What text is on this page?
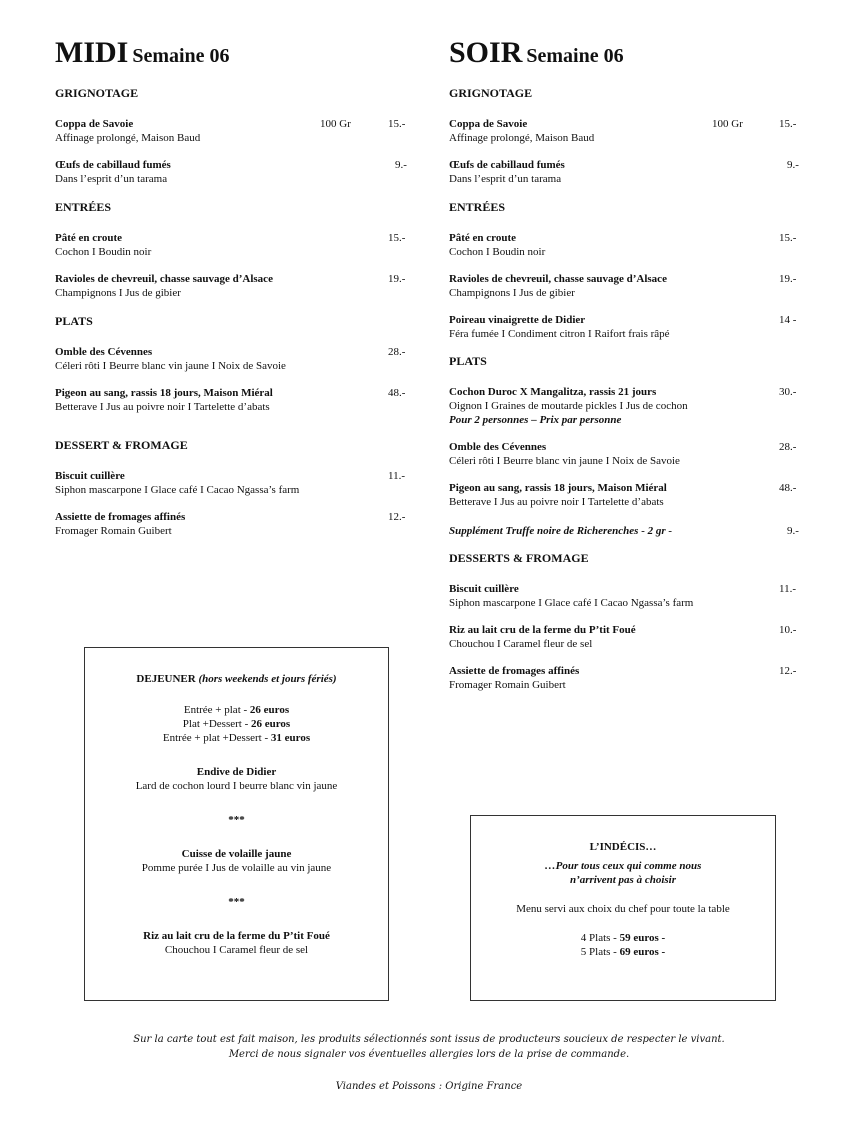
MIDI Semaine 06
GRIGNOTAGE
Coppa de Savoie
Affinage prolongé, Maison Baud
100 Gr	15.-
Œufs de cabillaud fumés
Dans l’esprit d’un tarama
9.-
ENTRÉES
Pâté en croute
Cochon I Boudin noir
15.-
Ravioles de chevreuil, chasse sauvage d’Alsace
Champignons I Jus de gibier
19.-
PLATS
Omble des Cévennes
Céleri rôti I Beurre blanc vin jaune I Noix de Savoie
28.-
Pigeon au sang, rassis 18 jours, Maison Miéral
Betterave I Jus au poivre noir I Tartelette d’abats
48.-
DESSERT & FROMAGE
Biscuit cuillère
Siphon mascarpone I Glace café I Cacao Ngassa’s farm
11.-
Assiette de fromages affinés
Fromager Romain Guibert
12.-
SOIR Semaine 06
GRIGNOTAGE
Coppa de Savoie
Affinage prolongé, Maison Baud
100 Gr	15.-
Œufs de cabillaud fumés
Dans l’esprit d’un tarama
9.-
ENTRÉES
Pâté en croute
Cochon I Boudin noir
15.-
Ravioles de chevreuil, chasse sauvage d’Alsace
Champignons I Jus de gibier
19.-
Poireau vinaigrette de Didier
Féra fumée I Condiment citron I Raifort frais râpé
14 -
PLATS
Cochon Duroc X Mangalitza, rassis 21 jours
Oignon I Graines de moutarde pickles I Jus de cochon
Pour 2 personnes – Prix par personne
30.-
Omble des Cévennes
Céleri rôti I Beurre blanc vin jaune I Noix de Savoie
28.-
Pigeon au sang, rassis 18 jours, Maison Miéral
Betterave I Jus au poivre noir I Tartelette d’abats
48.-
Supplément Truffe noire de Richerenches - 2 gr -	9.-
DESSERTS & FROMAGE
Biscuit cuillère
Siphon mascarpone I Glace café I Cacao Ngassa’s farm
11.-
Riz au lait cru de la ferme du P’tit Foué
Chouchou I Caramel fleur de sel
10.-
Assiette de fromages affinés
Fromager Romain Guibert
12.-
DEJEUNER (hors weekends et jours fériés)
Entrée + plat - 26 euros
Plat +Dessert - 26 euros
Entrée + plat +Dessert - 31 euros
Endive de Didier
Lard de cochon lourd I beurre blanc vin jaune
***
Cuisse de volaille jaune
Pomme purée I Jus de volaille au vin jaune
***
Riz au lait cru de la ferme du P’tit Foué
Chouchou I Caramel fleur de sel
L’INDÉCIS…
…Pour tous ceux qui comme nous
n’arrivent pas à choisir
Menu servi aux choix du chef pour toute la table
4 Plats - 59 euros -
5 Plats - 69 euros -
Sur la carte tout est fait maison, les produits sélectionnés sont issus de producteurs soucieux de respecter le vivant.
Merci de nous signaler vos éventuelles allergies lors de la prise de commande.
Viandes et Poissons : Origine France
